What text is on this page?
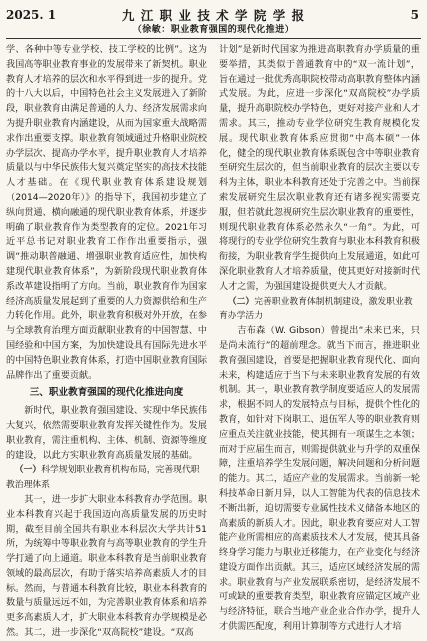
2025. 1	九 江 职 业 技 术 学 院 学 报
（徐敏：职业教育强国的现代化推进）
5

学、各种中等专业学校、技工学校的比例”。这为我国高等职业教育事业的发展带来了新契机。职业教育人才培养的层次和水平得到进一步的提升。党的十八大以后，中国特色社会主义发展进入了新阶段，职业教育由满足普通的人力、经济发展需求向为提升职业教育内涵建设，从而为国家重大战略需求作出重要支撑。职业教育领域通过升格职业院校办学层次、提高办学水平，提升职业教育人才培养质量以与中华民族伟大复兴奠定坚实的高技术技能人才基础。在《现代职业教育体系建设规划（2014—2020年）》的指导下，我国初步建立了纵向贯通、横向融通的现代职业教育体系，并逐步明确了职业教育作为类型教育的定位。2021年习近平总书记对职业教育工作作出重要指示，强调“推动职普融通、增强职业教育适应性，加快构建现代职业教育体系”，为新阶段现代职业教育体系改革建设指明了方向。当前，职业教育作为国家经济高质量发展起到了重要的人力资源供给和生产力转化作用。此外，职业教育积极对外开放，在参与全球教育治理方面贡献职业教育的中国智慧、中国经验和中国方案，为加快建设具有国际先进水平的中国特色职业教育体系，打造中国职业教育国际品牌作出了重要贡献。

三、职业教育强国的现代化推进向度

新时代，职业教育强国建设、实现中华民族伟大复兴，依然需要职业教育发挥关键性作为。发展职业教育，需注重机构、主体、机制、资源等维度的建设，以此方实职业教育高质量发展的基础。

（一）科学规划职业教育机构布局，完善现代职教治理体系

其一，进一步扩大职业本科教育办学范围。职业本科教育兴起于我国迈向高质量发展的历史时期，截至目前全国共有职业本科层次大学共计51所，为统筹中等职业教育与高等职业教育的学生升学打通了向上通道。职业本科教育是当前职业教育领域的最高层次，有助于落实培养高素质人才的目标。然而，与普通本科教育比较，职业本科教育的数量与质量远远不如，为完善职业教育体系和培养更多高素质人才，扩大职业本科教育办学规模是必然。其二，进一步深化“双高院校”建设。“双高

计划”是新时代国家为推进高职教育办学质量的重要举措，其类似于普通教育中的“双一流计划”，旨在通过一批优秀高职院校带动高职教育整体内涵式发展。为此，应进一步深化“双高院校”办学质量，提升高职院校办学特色，更好对接产业和人才需求。其三，推动专业学位研究生教育规模化发展。现代职业教育体系应贯彻“中高本硕”一体化，健全的现代职业教育体系既包含中等职业教育至研究生层次的，但当前职业教育的层次主要以专科为主体，职业本科教育还处于完善之中。当前探索发展研究生层次职业教育还有诸多视实需要克服，但若就此忽视研究生层次职业教育的重要性，则现代职业教育体系必然永久“一角”。为此，可将现行的专业学位研究生教育与职业本科教育积极衔接，为职业教育学生提供向上发展通道，如此可深化职业教育人才培养质量，使其更好对接新时代人才之需，为强国建设提供更大人才贡献。

（二）完善职业教育体制机制建设，激发职业教育办学活力

吉布森（W. Gibson）曾提出“未来已来，只是尚未流行”的超前理念。就当下而言，推进职业教育强国建设，首要是把握职业教育现代化、面向未来，构建适应于当下与未来职业教育发展的有效机制。其一，职业教育教学制度要适应人的发展需求，根据不同人的发展特点与目标，提供个性化的教育，如针对下岗职工、退伍军人等的职业教育则应重点关注就业技能，使其拥有一项谋生之本领；而对于应届生而言，则需提供就业与升学的双重保障，注重培养学生发展问题，解决问题和分析问题的能力。其二，适应产业的发展需求。当前新一轮科技革命日新月异，以人工智能为代表的信息技术不断出新，迫切需要专业属性技术义储备本地区的高素质的新质人才。因此，职业教育要应对人工智能产业所需相应的高素质技术人才发展，使其具备终身学习能力与职业迁移能力，在产业变化与经济建设方面作出贡献。其三，适应区域经济发展的需求。职业教育与产业发展联系密切，是经济发展不可或缺的重要教育类型，职业教育应锚定区域产业与经济特征，联合当地产业企业合作办学，提升人才供需匹配度，利用计算制等方式进行人才培
